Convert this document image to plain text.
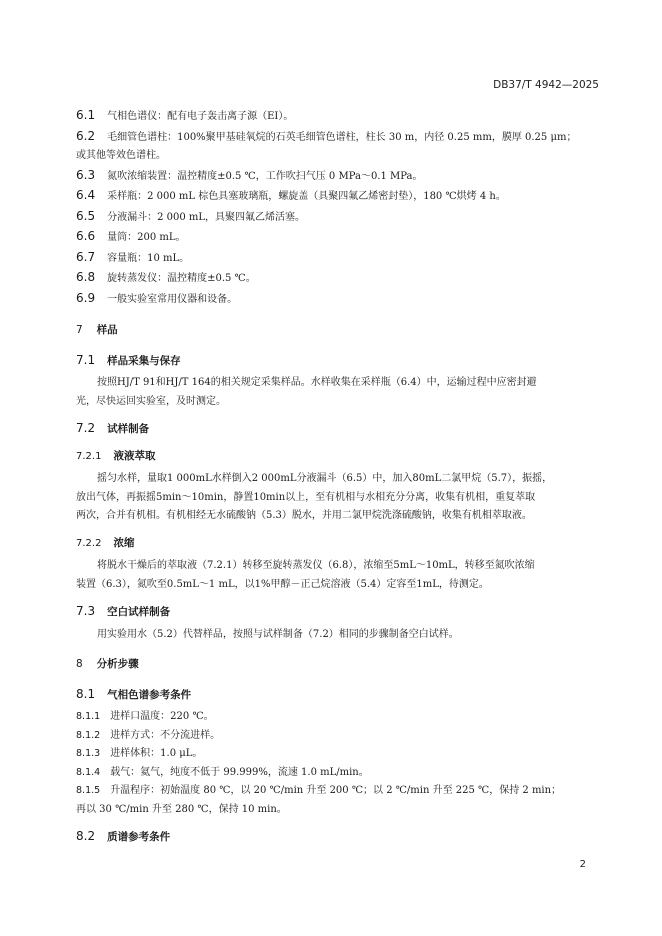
DB37/T 4942—2025
6.1 气相色谱仪：配有电子轰击离子源（EI）。
6.2 毛细管色谱柱：100%聚甲基硅氧烷的石英毛细管色谱柱，柱长 30 m，内径 0.25 mm，膜厚 0.25 μm；
或其他等效色谱柱。
6.3 氮吹浓缩装置：温控精度±0.5 ℃，工作吹扫气压 0 MPa～0.1 MPa。
6.4 采样瓶：2 000 mL 棕色具塞玻璃瓶，螺旋盖（具聚四氟乙烯密封垫），180 ℃烘烤 4 h。
6.5 分液漏斗：2 000 mL，具聚四氟乙烯活塞。
6.6 量筒：200 mL。
6.7 容量瓶：10 mL。
6.8 旋转蒸发仪：温控精度±0.5 ℃。
6.9 一般实验室常用仪器和设备。
7 样品
7.1 样品采集与保存
按照HJ/T 91和HJ/T 164的相关规定采集样品。水样收集在采样瓶（6.4）中，运输过程中应密封避
光，尽快运回实验室，及时测定。
7.2 试样制备
7.2.1 液液萃取
摇匀水样，量取1 000mL水样倒入2 000mL分液漏斗（6.5）中，加入80mL二氯甲烷（5.7），振摇，
放出气体，再振摇5min～10min，静置10min以上，至有机相与水相充分分离，收集有机相，重复萃取
两次，合并有机相。有机相经无水硫酸钠（5.3）脱水，并用二氯甲烷洗涤硫酸钠，收集有机相萃取液。
7.2.2 浓缩
将脱水干燥后的萃取液（7.2.1）转移至旋转蒸发仪（6.8），浓缩至5mL～10mL，转移至氮吹浓缩
装置（6.3），氮吹至0.5mL～1 mL，以1%甲醇－正己烷溶液（5.4）定容至1mL，待测定。
7.3 空白试样制备
用实验用水（5.2）代替样品，按照与试样制备（7.2）相同的步骤制备空白试样。
8 分析步骤
8.1 气相色谱参考条件
8.1.1 进样口温度：220 ℃。
8.1.2 进样方式：不分流进样。
8.1.3 进样体积：1.0 μL。
8.1.4 载气：氦气，纯度不低于 99.999%，流速 1.0 mL/min。
8.1.5 升温程序：初始温度 80 ℃，以 20 ℃/min 升至 200 ℃；以 2 ℃/min 升至 225 ℃，保持 2 min；
再以 30 ℃/min 升至 280 ℃，保持 10 min。
8.2 质谱参考条件
2
